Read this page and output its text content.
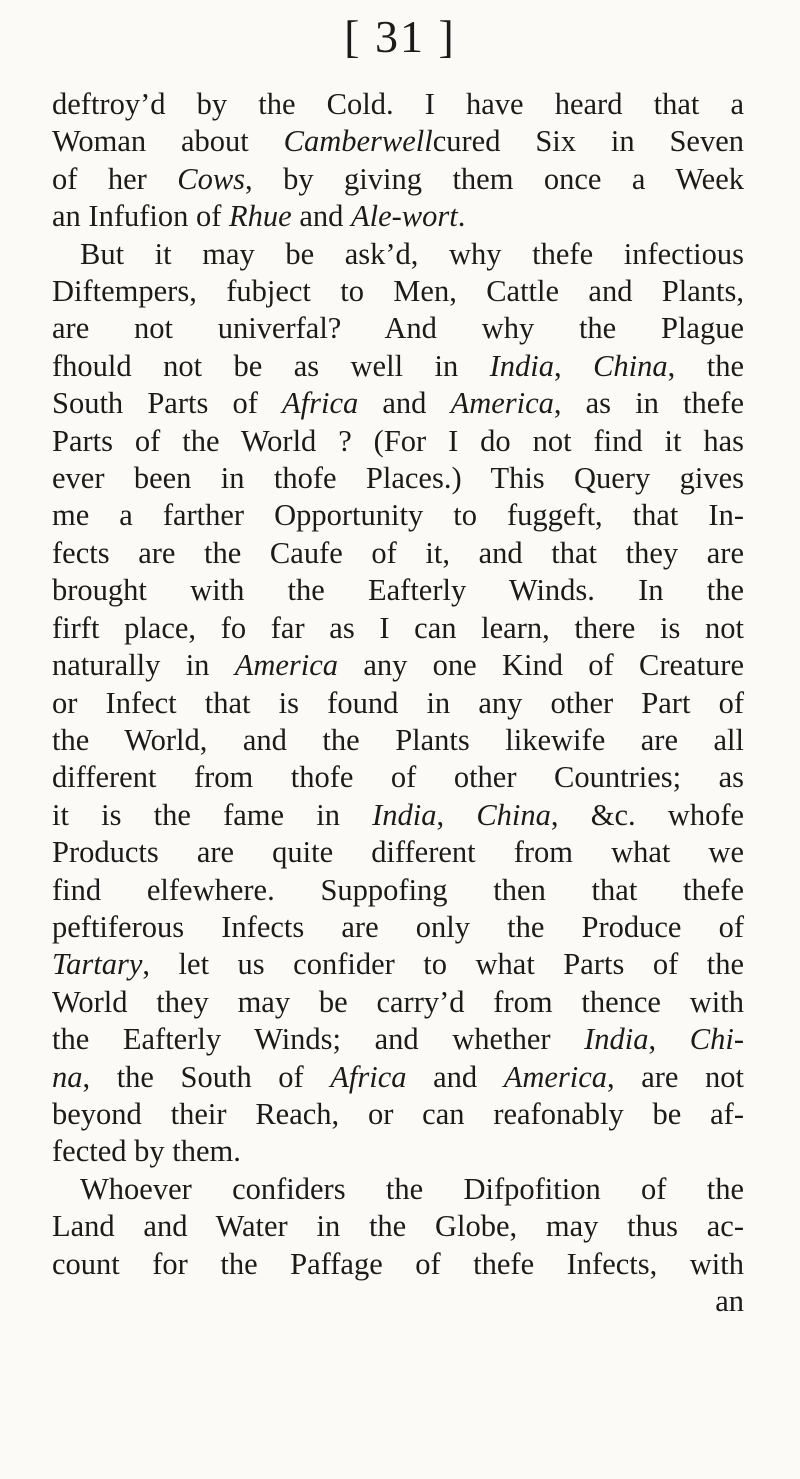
[ 31 ]
deftroy’d by the Cold. I have heard that a
Woman about Camberwellcured Six in Seven
of her Cows, by giving them once a Week
an Infufion of Rhue and Ale-wort.
But it may be ask’d, why thefe infectious
Diftempers, fubject to Men, Cattle and Plants,
are not univerfal? And why the Plague
fhould not be as well in India, China, the
South Parts of Africa and America, as in thefe
Parts of the World ? (For I do not find it has
ever been in thofe Places.) This Query gives
me a farther Opportunity to fuggeft, that In-
fects are the Caufe of it, and that they are
brought with the Eafterly Winds. In the
firft place, fo far as I can learn, there is not
naturally in America any one Kind of Creature
or Infect that is found in any other Part of
the World, and the Plants likewife are all
different from thofe of other Countries; as
it is the fame in India, China, &c. whofe
Products are quite different from what we
find elfewhere. Suppofing then that thefe
peftiferous Infects are only the Produce of
Tartary, let us confider to what Parts of the
World they may be carry’d from thence with
the Eafterly Winds; and whether India, Chi-
na, the South of Africa and America, are not
beyond their Reach, or can reafonably be af-
fected by them.
Whoever confiders the Difpofition of the
Land and Water in the Globe, may thus ac-
count for the Paffage of thefe Infects, with
an
